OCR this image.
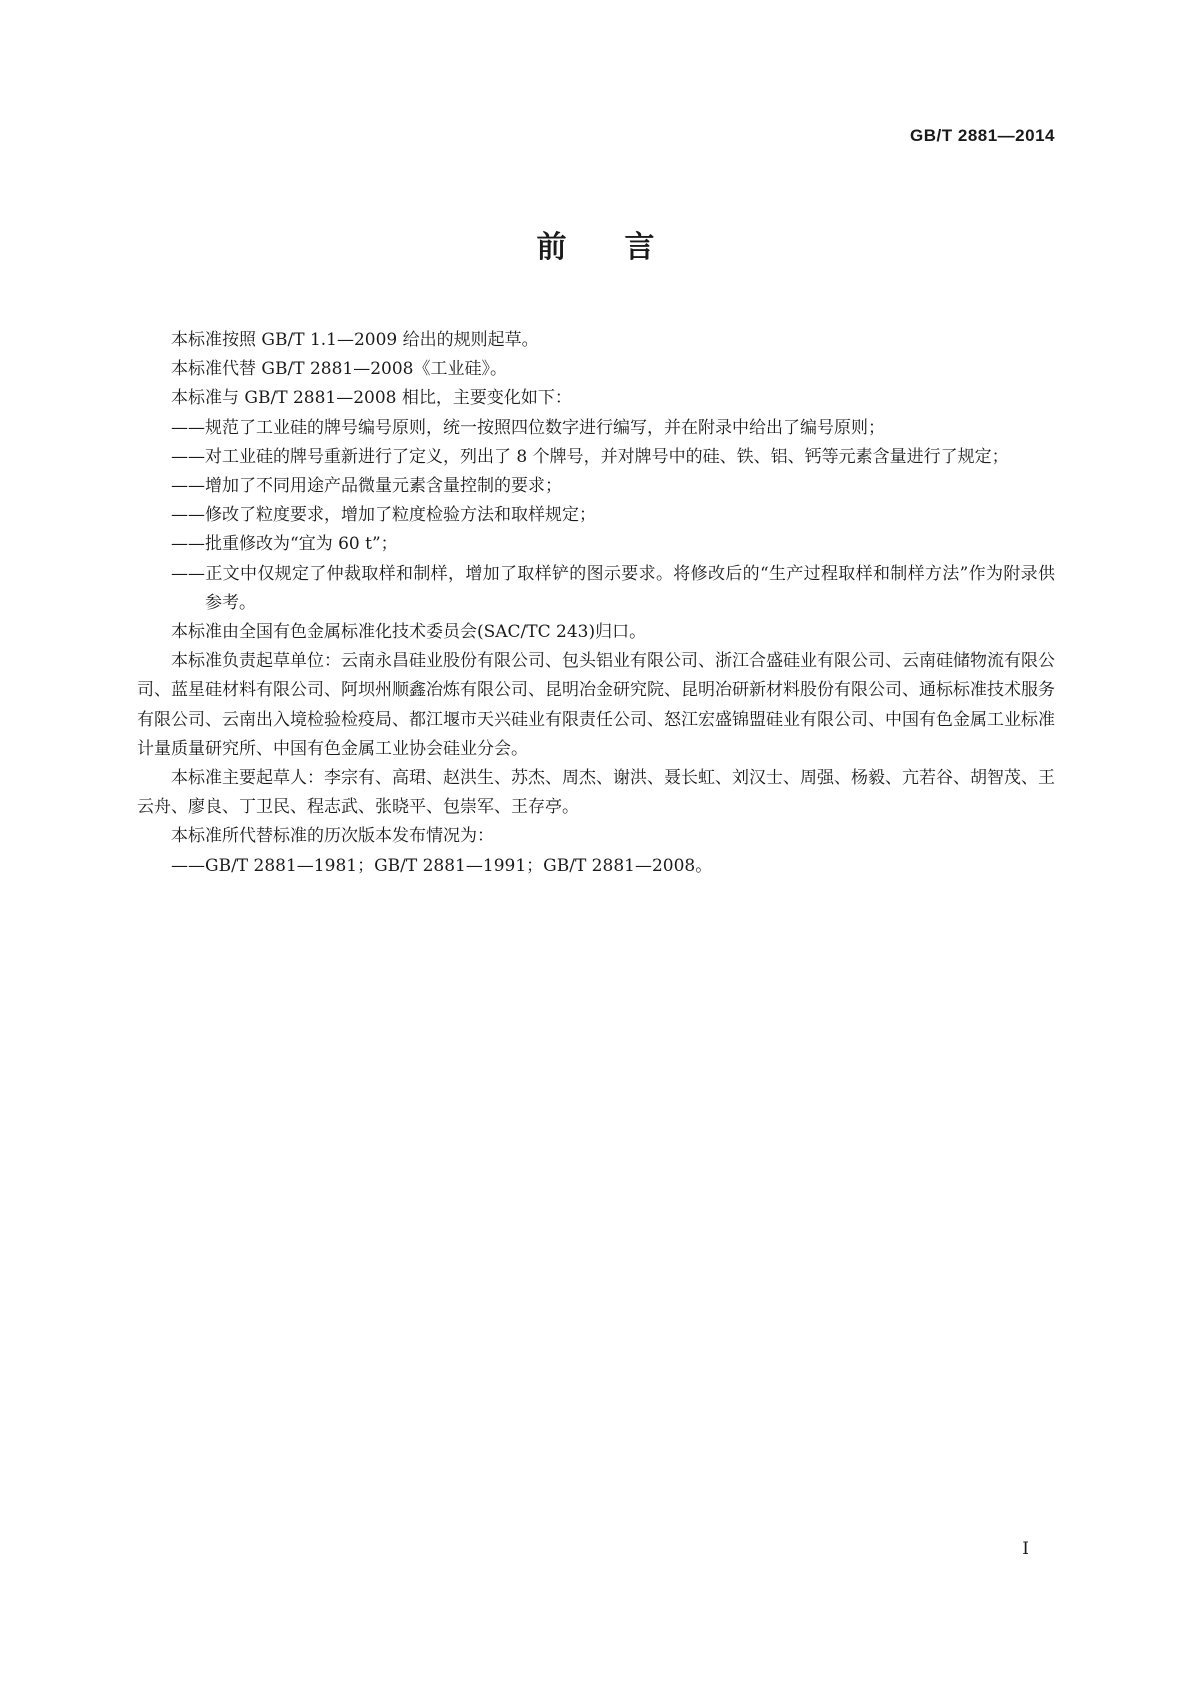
GB/T 2881—2014
前言

本标准按照 GB/T 1.1—2009 给出的规则起草。

本标准代替 GB/T 2881—2008《工业硅》。

本标准与 GB/T 2881—2008 相比，主要变化如下：

——规范了工业硅的牌号编号原则，统一按照四位数字进行编写，并在附录中给出了编号原则；

——对工业硅的牌号重新进行了定义，列出了 8 个牌号，并对牌号中的硅、铁、铝、钙等元素含量进行了规定；

——增加了不同用途产品微量元素含量控制的要求；

——修改了粒度要求，增加了粒度检验方法和取样规定；

——批重修改为“宜为 60 t”；

——正文中仅规定了仲裁取样和制样，增加了取样铲的图示要求。将修改后的“生产过程取样和制样方法”作为附录供参考。

本标准由全国有色金属标准化技术委员会(SAC/TC 243)归口。

本标准负责起草单位：云南永昌硅业股份有限公司、包头铝业有限公司、浙江合盛硅业有限公司、云南硅储物流有限公司、蓝星硅材料有限公司、阿坝州顺鑫冶炼有限公司、昆明冶金研究院、昆明冶研新材料股份有限公司、通标标准技术服务有限公司、云南出入境检验检疫局、都江堰市天兴硅业有限责任公司、怒江宏盛锦盟硅业有限公司、中国有色金属工业标准计量质量研究所、中国有色金属工业协会硅业分会。

本标准主要起草人：李宗有、高珺、赵洪生、苏杰、周杰、谢洪、聂长虹、刘汉士、周强、杨毅、亢若谷、胡智茂、王云舟、廖良、丁卫民、程志武、张晓平、包崇军、王存亭。

本标准所代替标准的历次版本发布情况为：

——GB/T 2881—1981；GB/T 2881—1991；GB/T 2881—2008。

I
